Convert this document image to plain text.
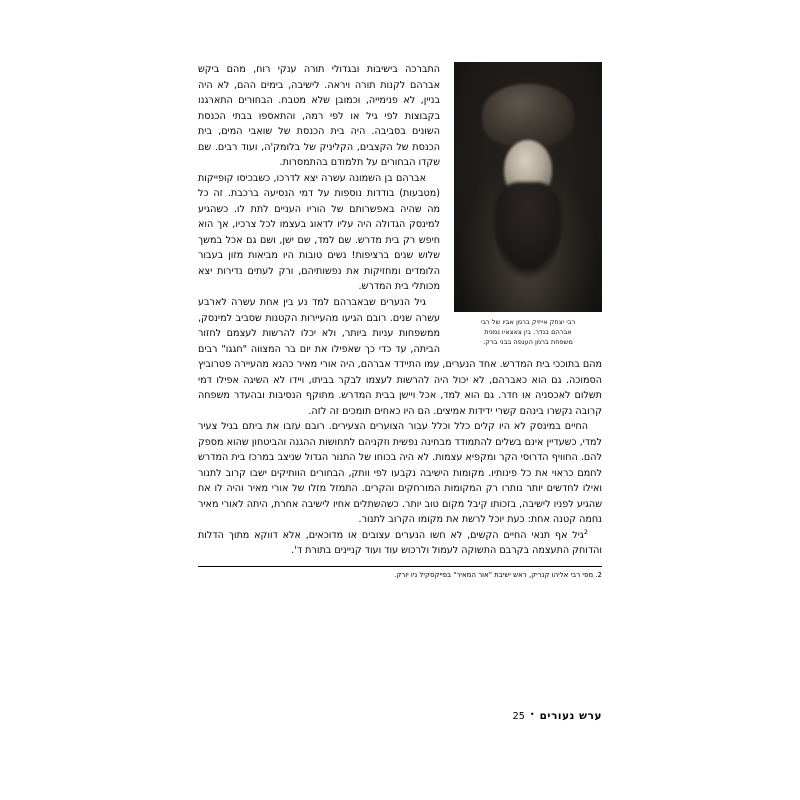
רבי יצחק אייזיק ברמן אביו של רבי
אברהם בנדר. בין צאצאיו נמנית
משפחת ברמן הענפה בבני ברק.

התברכה בישיבות ובגדולי תורה ענקי רוח, מהם ביקש אברהם לקנות תורה ויראה. לישיבה, בימים ההם, לא היה בניין, לא פנימייה, וכמובן שלא מטבח. הבחורים התארגנו בקבוצות לפי גיל או לפי רמה, והתאספו בבתי הכנסת השונים בסביבה. היה בית הכנסת של שואבי המים, בית הכנסת של הקצבים, הקליניק של בלומק'ה, ועוד רבים. שם שקדו הבחורים על תלמודם בהתמסרות.

אברהם בן השמונה עשרה יצא לדרכו, כשבכיסו קופייקות (מטבעות) בודדות נוספות על דמי הנסיעה ברכבת. זה כל מה שהיה באפשרותם של הוריו העניים לתת לו. כשהגיע למינסק הגדולה היה עליו לדאוג בעצמו לכל צרכיו, אך הוא חיפש רק בית מדרש. שם למד, שם ישן, ושם גם אכל במשך שלוש שנים ברציפות! נשים טובות היו מביאות מזון בעבור הלומדים ומחזיקות את נפשותיהם, ורק לעתים נדירות יצא מכותלי בית המדרש.

גיל הנערים שבאברהם למד נע בין אחת עשרה לארבע עשרה שנים. רובם הגיעו מהעיירות הקטנות שסביב למינסק, ממשפחות עניות ביותר, ולא יכלו להרשות לעצמם לחזור הביתה, עד כדי כך שאפילו את יום בר המצווה "חגגו" רבים מהם בתוככי בית המדרש. אחד הנערים, עמו התיידד אברהם, היה אורי מאיר כהנא מהעיירה פטרוביץ הסמוכה. גם הוא כאברהם, לא יכול היה להרשות לעצמו לבקר בביתו, ויידו לא השיגה אפילו דמי תשלום לאכסניה או חדר. גם הוא למד, אכל ויישן בבית המדרש. מתוקף הנסיבות ובהעדר משפחה קרובה נקשרו בינהם קשרי ידידות אמיצים. הם היו כאחים תומכים זה לזה.

החיים במינסק לא היו קלים כלל וכלל עבור הצוערים הצעירים. רובם עזבו את ביתם בגיל צעיר למדי, כשעדיין אינם בשלים להתמודד מבחינה נפשית וזקניהם לתחושות ההגנה והביטחון שהוא מספק להם. החוויף הדרוסי הקר ומקפיא עצמות. לא היה בכוחו של התנור הגדול שניצב במרכז בית המדרש לחמם כראוי את כל פינותיו. מקומות הישיבה נקבעו לפי וותק, הבחורים הוותיקים ישבו קרוב לתנור ואילו לחדשים יותר נותרו רק המקומות המורחקים והקרים. התמזל מזלו של אורי מאיר והיה לו אח שהגיע לפניו לישיבה, בזכותו קיבל מקום טוב יותר. כשהשתלים אחיו לישיבה אחרת, היתה לאורי מאיר נחמה קטנה אחת: כעת יוכל לרשת את מקומו הקרוב לתנור.

$^2$גיל אף תנאי החיים הקשים, לא חשו הנערים עצובים או מדוכאים, אלא דווקא מתוך הדלות והדוחק התעצמה בקרבם התשוקה לעמול ולרכוש עוד ועוד קניינים בתורת ד'.

2. מפי רבי אליהו קנריק, ראש ישיבת "אור המאיר" בפייקסקיל ניו יורק.
ערש נעורים
•
25
